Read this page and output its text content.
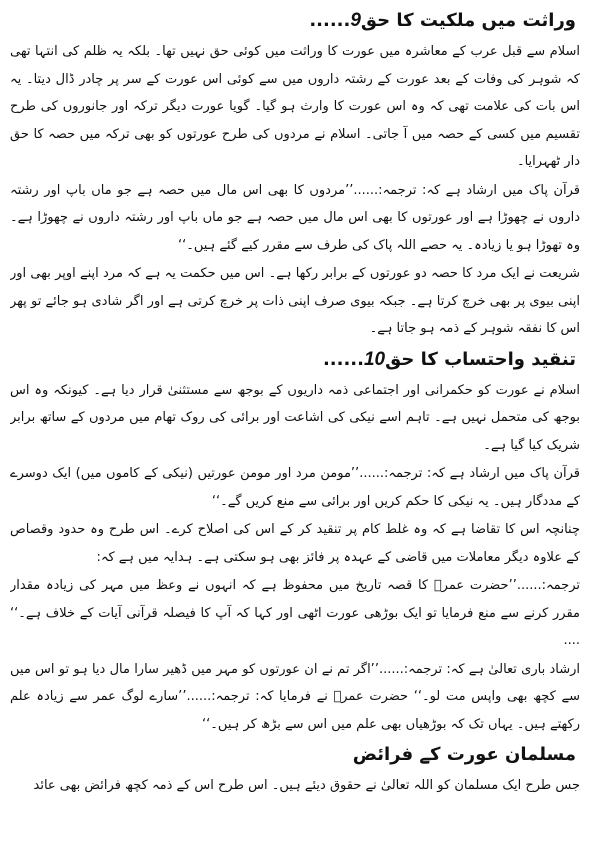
......وراثت میں ملکیت کا حق9

اسلام سے قبل عرب کے معاشرہ میں عورت کا وراثت میں کوئی حق نہیں تھا۔ بلکہ یہ ظلم کی انتہا تھی کہ شوہر کی وفات کے بعد عورت کے رشتہ داروں میں سے کوئی اس عورت کے سر پر چادر ڈال دیتا۔ یہ اس بات کی علامت تھی کہ وہ اس عورت کا وارث ہو گیا۔ گویا عورت دیگر ترکہ اور جانوروں کی طرح تقسیم میں کسی کے حصہ میں آ جاتی۔ اسلام نے مردوں کی طرح عورتوں کو بھی ترکہ میں حصہ کا حق دار ٹھہرایا۔

قرآن پاک میں ارشاد ہے کہ: ترجمہ:......’’مردوں کا بھی اس مال میں حصہ ہے جو ماں باپ اور رشتہ داروں نے چھوڑا ہے اور عورتوں کا بھی اس مال میں حصہ ہے جو ماں باپ اور رشتہ داروں نے چھوڑا ہے۔ وہ تھوڑا ہو یا زیادہ۔ یہ حصے اللہ پاک کی طرف سے مقرر کیے گئے ہیں۔‘‘

شریعت نے ایک مرد کا حصہ دو عورتوں کے برابر رکھا ہے۔ اس میں حکمت یہ ہے کہ مرد اپنے اوپر بھی اور اپنی بیوی پر بھی خرچ کرتا ہے۔ جبکہ بیوی صرف اپنی ذات پر خرچ کرتی ہے اور اگر شادی ہو جائے تو پھر اس کا نفقہ شوہر کے ذمہ ہو جاتا ہے۔

......تنقید واحتساب کا حق10

اسلام نے عورت کو حکمرانی اور اجتماعی ذمہ داریوں کے بوجھ سے مستثنیٰ قرار دیا ہے۔ کیونکہ وہ اس بوجھ کی متحمل نہیں ہے۔ تاہم اسے نیکی کی اشاعت اور برائی کی روک تھام میں مردوں کے ساتھ برابر شریک کیا گیا ہے۔

قرآن پاک میں ارشاد ہے کہ: ترجمہ:......’’مومن مرد اور مومن عورتیں (نیکی کے کاموں میں) ایک دوسرے کے مددگار ہیں۔ یہ نیکی کا حکم کریں اور برائی سے منع کریں گے۔‘‘

چنانچہ اس کا تقاضا ہے کہ وہ غلط کام پر تنقید کر کے اس کی اصلاح کرے۔ اس طرح وہ حدود وقصاص کے علاوہ دیگر معاملات میں قاضی کے عہدہ پر فائز بھی ہو سکتی ہے۔ ہدایہ میں ہے کہ:

ترجمہ:......’’حضرت عمرؓ کا قصہ تاریخ میں محفوظ ہے کہ انہوں نے وعظ میں مہر کی زیادہ مقدار مقرر کرنے سے منع فرمایا تو ایک بوڑھی عورت اٹھی اور کہا کہ آپ کا فیصلہ قرآنی آیات کے خلاف ہے۔‘‘ ....

ارشاد باری تعالیٰ ہے کہ: ترجمہ:......’’اگر تم نے ان عورتوں کو مہر میں ڈھیر سارا مال دیا ہو تو اس میں سے کچھ بھی واپس مت لو۔‘‘ حضرت عمرؓ نے فرمایا کہ: ترجمہ:......’’سارے لوگ عمر سے زیادہ علم رکھتے ہیں۔ یہاں تک کہ بوڑھیاں بھی علم میں اس سے بڑھ کر ہیں۔‘‘

مسلمان عورت کے فرائض

جس طرح ایک مسلمان کو اللہ تعالیٰ نے حقوق دیئے ہیں۔ اس طرح اس کے ذمہ کچھ فرائض بھی عائد
